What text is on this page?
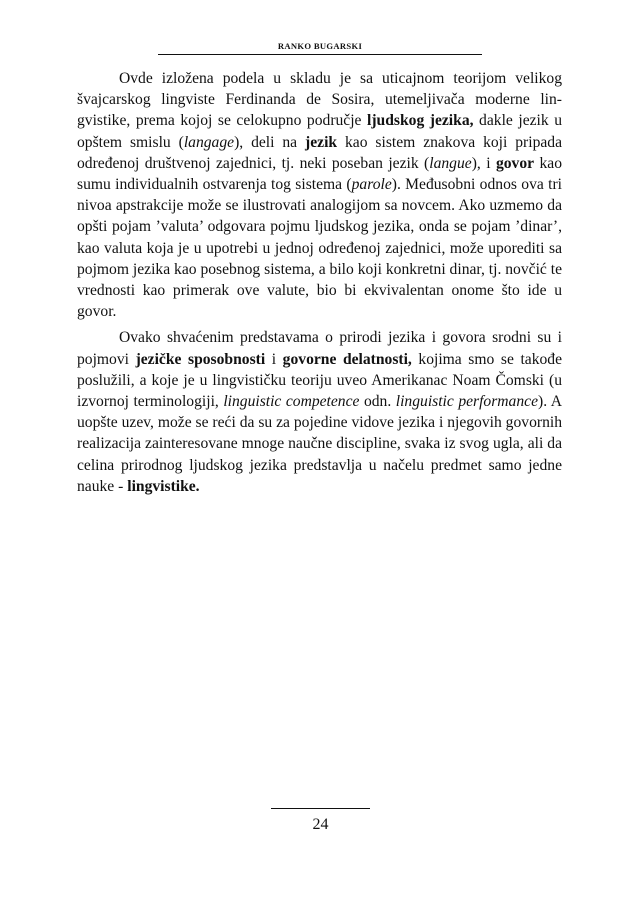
RANKO BUGARSKI

Ovde izložena podela u skladu je sa uticajnom teorijom velikog švajcarskog lingviste Ferdinanda de Sosira, utemeljivača moderne lingvistike, prema kojoj se celokupno područje ljudskog jezika, dakle jezik u opštem smislu (langage), deli na jezik kao sistem znakova koji pripada određenoj društvenoj zajednici, tj. neki poseban jezik (langue), i govor kao sumu individualnih ostvarenja tog sistema (parole). Međusobni odnos ova tri nivoa apstrakcije može se ilustrovati analogijom sa novcem. Ako uzmemo da opšti pojam ’valuta’ odgovara pojmu ljudskog jezika, onda se pojam ’dinar’, kao valuta koja je u upotrebi u jednoj određenoj zajednici, može uporediti sa pojmom jezika kao posebnog sistema, a bilo koji konkretni dinar, tj. novčić te vrednosti kao primerak ove valute, bio bi ekvivalentan onome što ide u govor.

Ovako shvaćenim predstavama o prirodi jezika i govora srodni su i pojmovi jezičke sposobnosti i govorne delatnosti, kojima smo se takođe poslužili, a koje je u lingvističku teoriju uveo Amerikanac Noam Čomski (u izvornoj terminologiji, linguistic competence odn. linguistic performance). A uopšte uzev, može se reći da su za pojedine vidove jezika i njegovih govornih realizacija zainteresovane mnoge naučne discipline, svaka iz svog ugla, ali da celina prirodnog ljudskog jezika predstavlja u načelu predmet samo jedne nauke - lingvistike.

24
